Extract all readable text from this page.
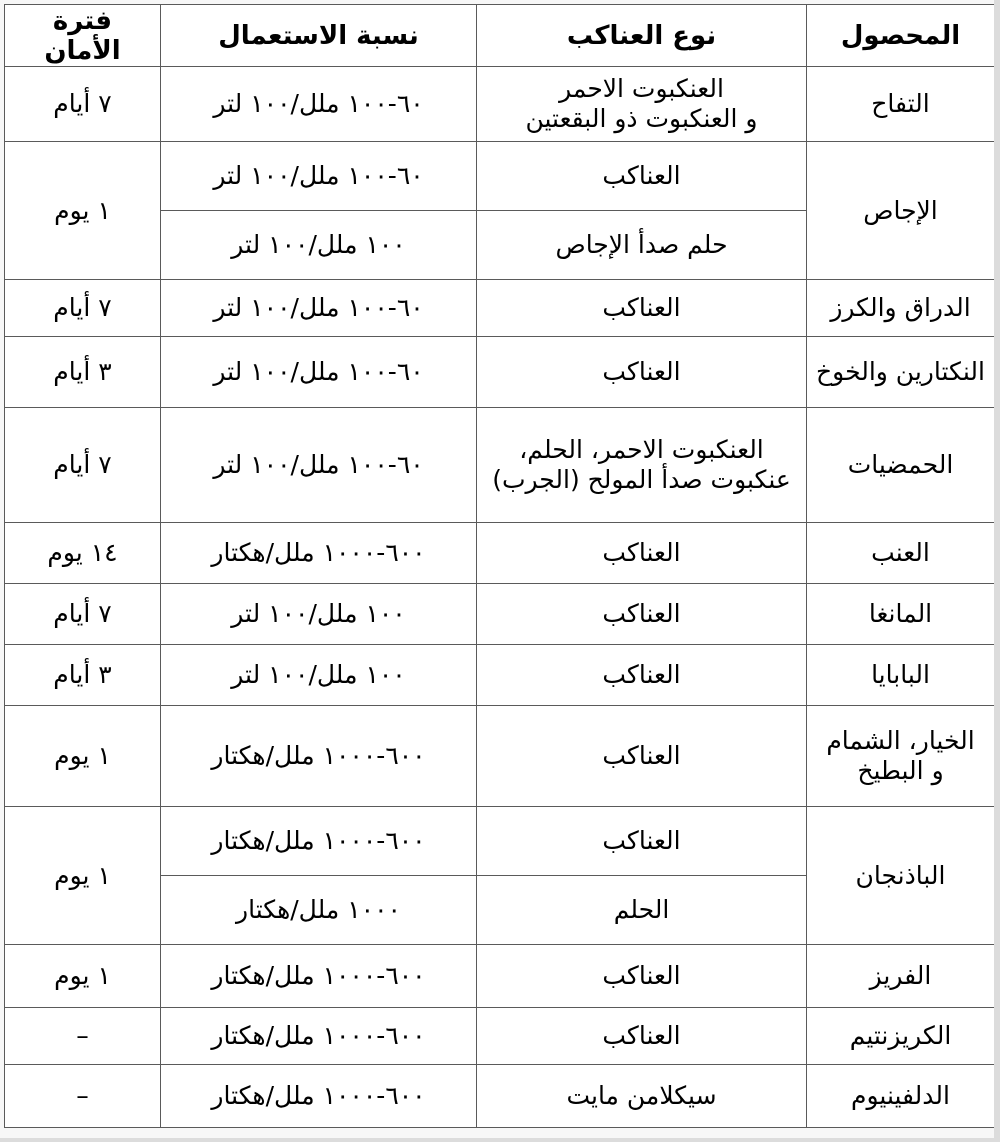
المحصول	نوع العناكب	نسبة الاستعمال	فترة الأمان

التفاح	العنكبوت الاحمر
و العنكبوت ذو البقعتين	٦٠-١٠٠ ملل/١٠٠ لتر	٧ أيام

الإجاص	العناكب	٦٠-١٠٠ ملل/١٠٠ لتر	١ يوم

	حلم صدأ الإجاص	١٠٠ ملل/١٠٠ لتر	

الدراق والكرز	العناكب	٦٠-١٠٠ ملل/١٠٠ لتر	٧ أيام

النكتارين والخوخ	العناكب	٦٠-١٠٠ ملل/١٠٠ لتر	٣ أيام

الحمضيات	العنكبوت الاحمر، الحلم،
عنكبوت صدأ المولح (الجرب)	٦٠-١٠٠ ملل/١٠٠ لتر	٧ أيام

العنب	العناكب	٦٠٠-١٠٠٠ ملل/هكتار	١٤ يوم

المانغا	العناكب	١٠٠ ملل/١٠٠ لتر	٧ أيام

البابايا	العناكب	١٠٠ ملل/١٠٠ لتر	٣ أيام

الخيار، الشمام
و البطيخ	العناكب	٦٠٠-١٠٠٠ ملل/هكتار	١ يوم

الباذنجان	العناكب	٦٠٠-١٠٠٠ ملل/هكتار	١ يوم

	الحلم	١٠٠٠ ملل/هكتار	

الفريز	العناكب	٦٠٠-١٠٠٠ ملل/هكتار	١ يوم

الكريزنتيم	العناكب	٦٠٠-١٠٠٠ ملل/هكتار	–

الدلفينيوم	سيكلامن مايت	٦٠٠-١٠٠٠ ملل/هكتار	–
